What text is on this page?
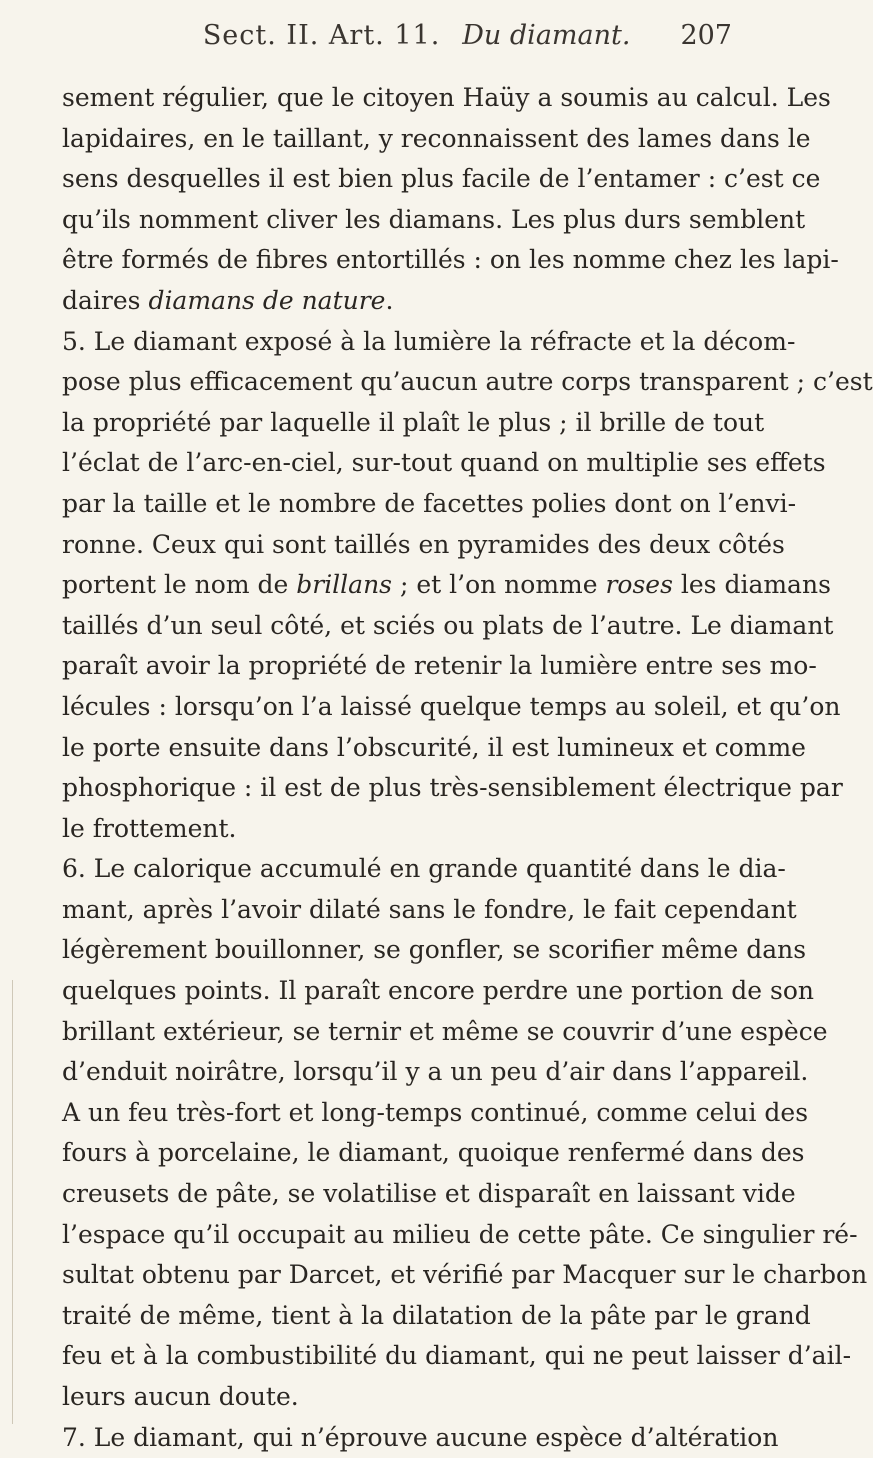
Sect. II. Art. 11. Du diamant. 207
sement régulier, que le citoyen Haüy a soumis au calcul. Les
lapidaires, en le taillant, y reconnaissent des lames dans le
sens desquelles il est bien plus facile de l’entamer : c’est ce
qu’ils nomment cliver les diamans. Les plus durs semblent
être formés de fibres entortillés : on les nomme chez les lapi-
daires diamans de nature.
5. Le diamant exposé à la lumière la réfracte et la décom-
pose plus efficacement qu’aucun autre corps transparent ; c’est
la propriété par laquelle il plaît le plus ; il brille de tout
l’éclat de l’arc-en-ciel, sur-tout quand on multiplie ses effets
par la taille et le nombre de facettes polies dont on l’envi-
ronne. Ceux qui sont taillés en pyramides des deux côtés
portent le nom de brillans ; et l’on nomme roses les diamans
taillés d’un seul côté, et sciés ou plats de l’autre. Le diamant
paraît avoir la propriété de retenir la lumière entre ses mo-
lécules : lorsqu’on l’a laissé quelque temps au soleil, et qu’on
le porte ensuite dans l’obscurité, il est lumineux et comme
phosphorique : il est de plus très-sensiblement électrique par
le frottement.
6. Le calorique accumulé en grande quantité dans le dia-
mant, après l’avoir dilaté sans le fondre, le fait cependant
légèrement bouillonner, se gonfler, se scorifier même dans
quelques points. Il paraît encore perdre une portion de son
brillant extérieur, se ternir et même se couvrir d’une espèce
d’enduit noirâtre, lorsqu’il y a un peu d’air dans l’appareil.
A un feu très-fort et long-temps continué, comme celui des
fours à porcelaine, le diamant, quoique renfermé dans des
creusets de pâte, se volatilise et disparaît en laissant vide
l’espace qu’il occupait au milieu de cette pâte. Ce singulier ré-
sultat obtenu par Darcet, et vérifié par Macquer sur le charbon
traité de même, tient à la dilatation de la pâte par le grand
feu et à la combustibilité du diamant, qui ne peut laisser d’ail-
leurs aucun doute.
7. Le diamant, qui n’éprouve aucune espèce d’altération
